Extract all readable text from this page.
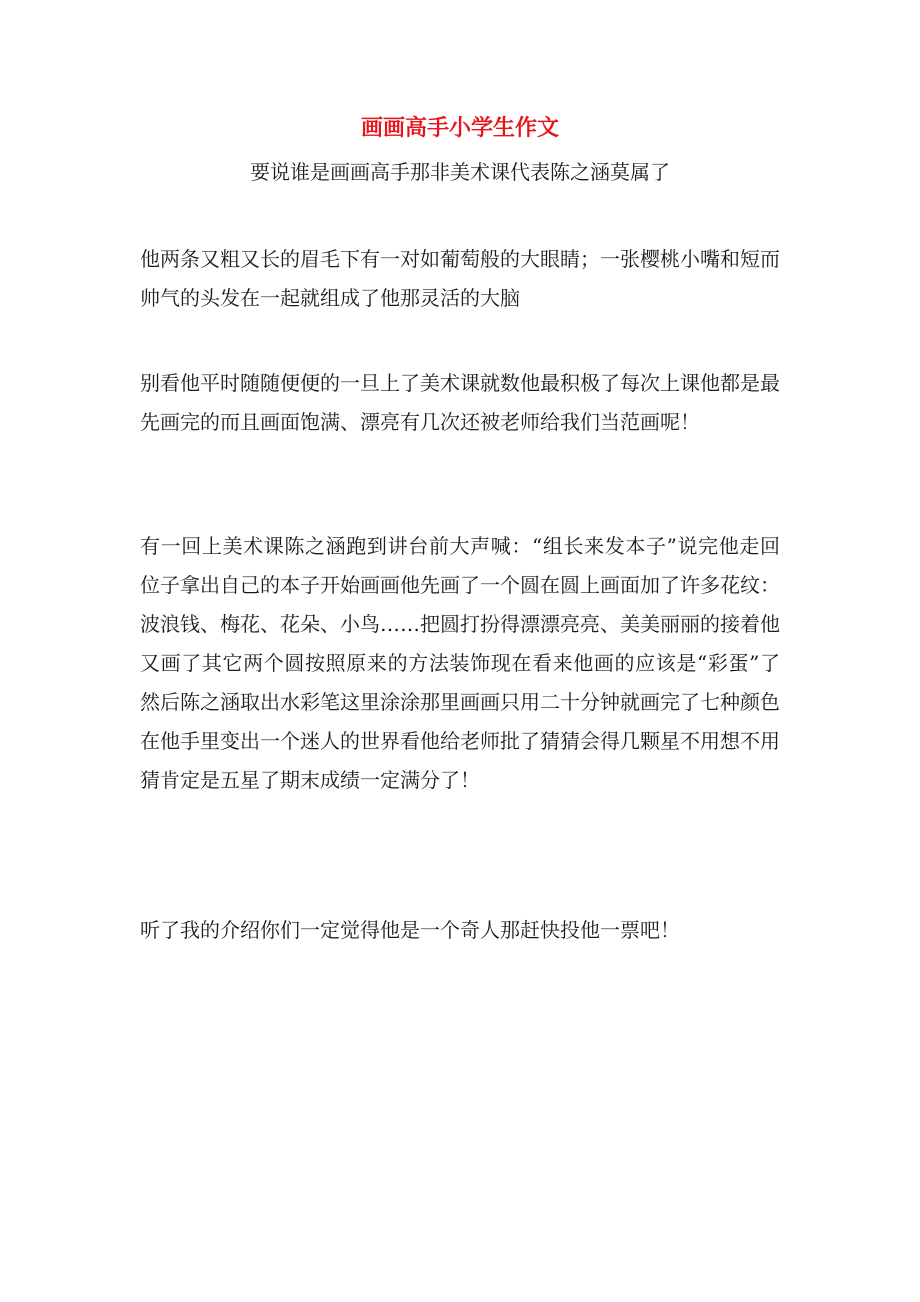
画画高手小学生作文

要说谁是画画高手那非美术课代表陈之涵莫属了

他两条又粗又长的眉毛下有一对如葡萄般的大眼睛；一张樱桃小嘴和短而帅气的头发在一起就组成了他那灵活的大脑

别看他平时随随便便的一旦上了美术课就数他最积极了每次上课他都是最先画完的而且画面饱满、漂亮有几次还被老师给我们当范画呢！

有一回上美术课陈之涵跑到讲台前大声喊：“组长来发本子”说完他走回位子拿出自己的本子开始画画他先画了一个圆在圆上画面加了许多花纹：波浪钱、梅花、花朵、小鸟……把圆打扮得漂漂亮亮、美美丽丽的接着他又画了其它两个圆按照原来的方法装饰现在看来他画的应该是“彩蛋”了然后陈之涵取出水彩笔这里涂涂那里画画只用二十分钟就画完了七种颜色在他手里变出一个迷人的世界看他给老师批了猜猜会得几颗星不用想不用猜肯定是五星了期末成绩一定满分了！

听了我的介绍你们一定觉得他是一个奇人那赶快投他一票吧！
